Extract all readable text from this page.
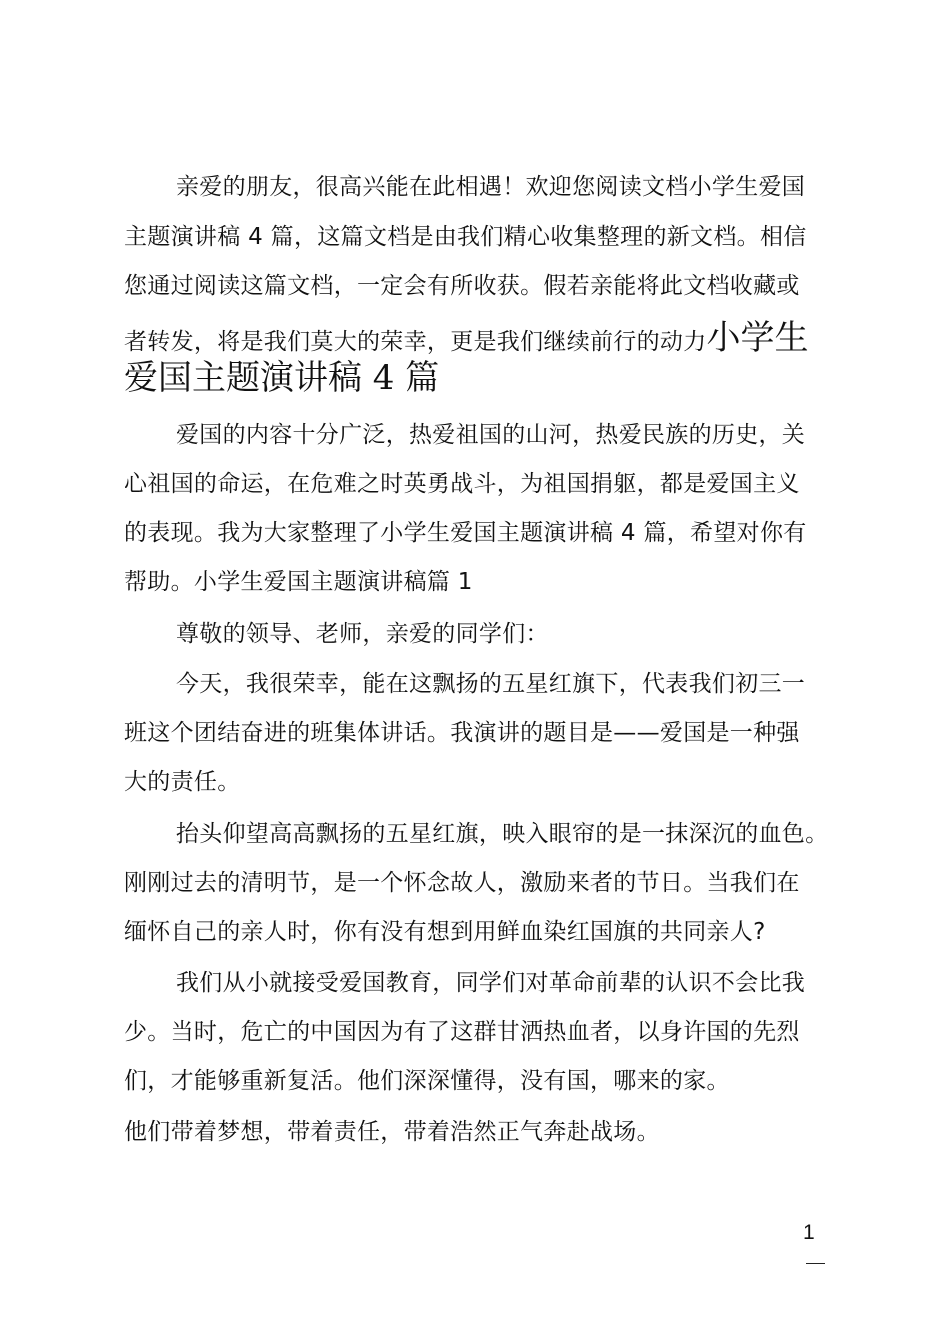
亲爱的朋友，很高兴能在此相遇！欢迎您阅读文档小学生爱国
主题演讲稿 4 篇，这篇文档是由我们精心收集整理的新文档。相信
您通过阅读这篇文档，一定会有所收获。假若亲能将此文档收藏或
者转发，将是我们莫大的荣幸，更是我们继续前行的动力小学生
爱国主题演讲稿 4 篇
爱国的内容十分广泛，热爱祖国的山河，热爱民族的历史，关
心祖国的命运，在危难之时英勇战斗，为祖国捐躯，都是爱国主义
的表现。我为大家整理了小学生爱国主题演讲稿 4 篇，希望对你有
帮助。小学生爱国主题演讲稿篇 1
尊敬的领导、老师，亲爱的同学们：
今天，我很荣幸，能在这飘扬的五星红旗下，代表我们初三一
班这个团结奋进的班集体讲话。我演讲的题目是——爱国是一种强
大的责任。
抬头仰望高高飘扬的五星红旗，映入眼帘的是一抹深沉的血色。
刚刚过去的清明节，是一个怀念故人，激励来者的节日。当我们在
缅怀自己的亲人时，你有没有想到用鲜血染红国旗的共同亲人?
我们从小就接受爱国教育，同学们对革命前辈的认识不会比我
少。当时，危亡的中国因为有了这群甘洒热血者，以身许国的先烈
们，才能够重新复活。他们深深懂得，没有国，哪来的家。
他们带着梦想，带着责任，带着浩然正气奔赴战场。
1
